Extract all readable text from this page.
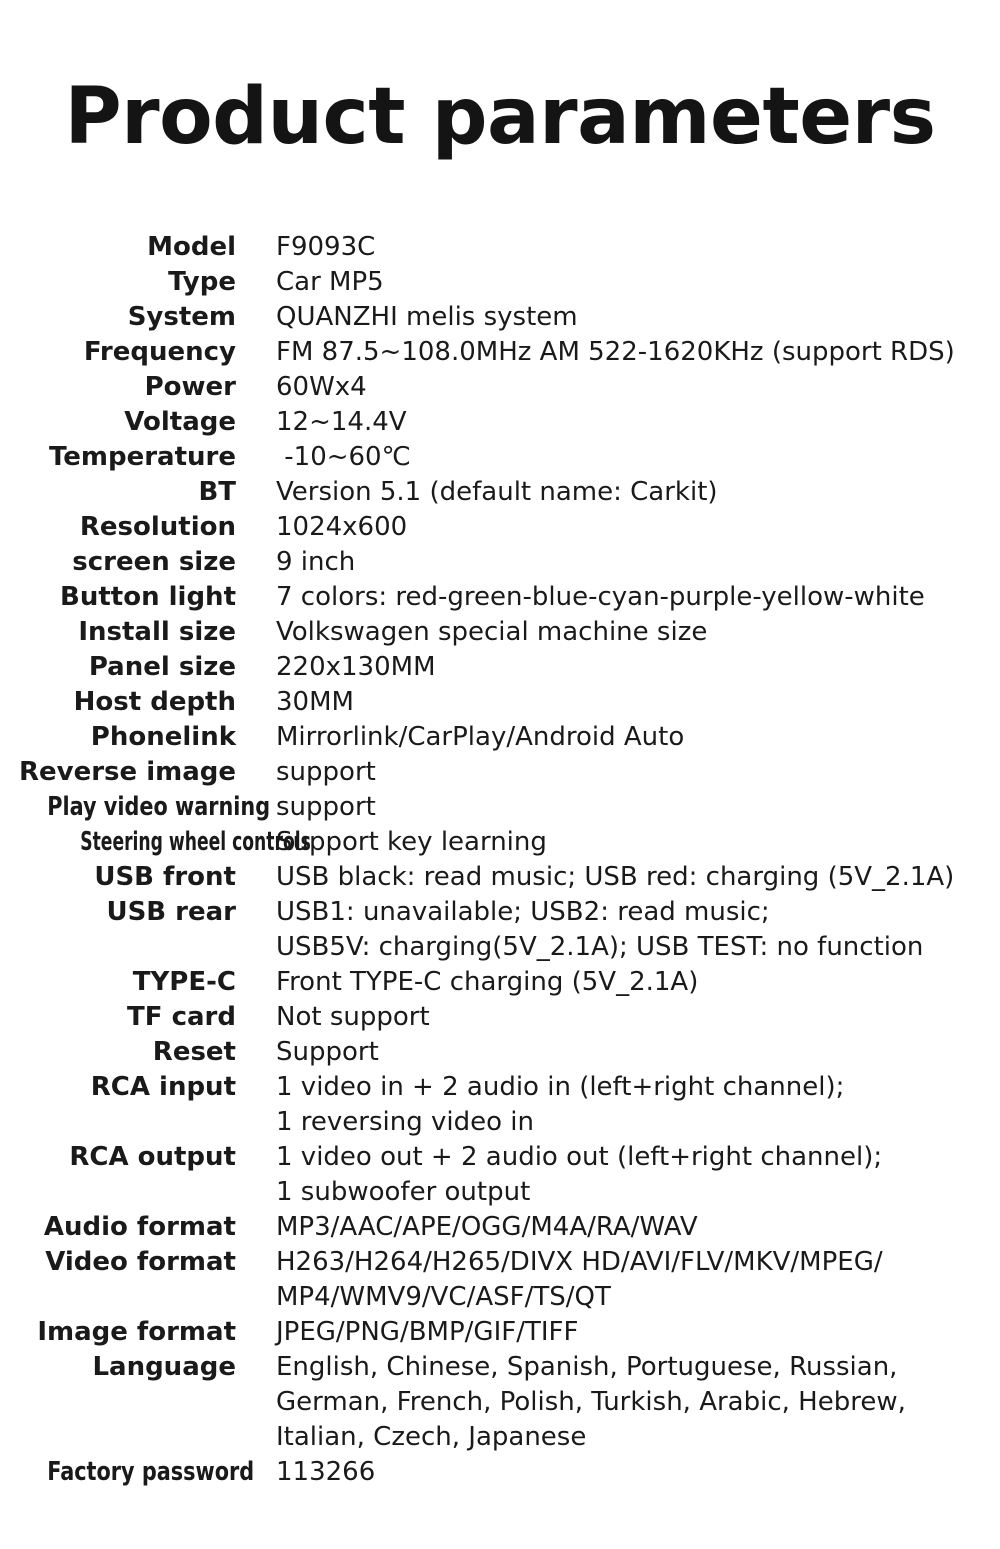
Product parameters
Model F9093C
Type Car MP5
System QUANZHI melis system
Frequency FM 87.5~108.0MHz AM 522-1620KHz (support RDS)
Power 60Wx4
Voltage 12~14.4V
Temperature -10~60℃
BT Version 5.1 (default name: Carkit)
Resolution 1024x600
screen size 9 inch
Button light 7 colors: red-green-blue-cyan-purple-yellow-white
Install size Volkswagen special machine size
Panel size 220x130MM
Host depth 30MM
Phonelink Mirrorlink/CarPlay/Android Auto
Reverse image support
Play video warning support
Steering wheel controls
Support key learning
USB front USB black: read music; USB red: charging (5V_2.1A)
USB rear USB1: unavailable; USB2: read music;
USB5V: charging(5V_2.1A); USB TEST: no function
TYPE-C Front TYPE-C charging (5V_2.1A)
TF card Not support
Reset Support
RCA input 1 video in + 2 audio in (left+right channel);
1 reversing video in
RCA output 1 video out + 2 audio out (left+right channel);
1 subwoofer output
Audio format MP3/AAC/APE/OGG/M4A/RA/WAV
Video format H263/H264/H265/DIVX HD/AVI/FLV/MKV/MPEG/
MP4/WMV9/VC/ASF/TS/QT
Image format JPEG/PNG/BMP/GIF/TIFF
Language English, Chinese, Spanish, Portuguese, Russian,
German, French, Polish, Turkish, Arabic, Hebrew,
Italian, Czech, Japanese
Factory password 113266
